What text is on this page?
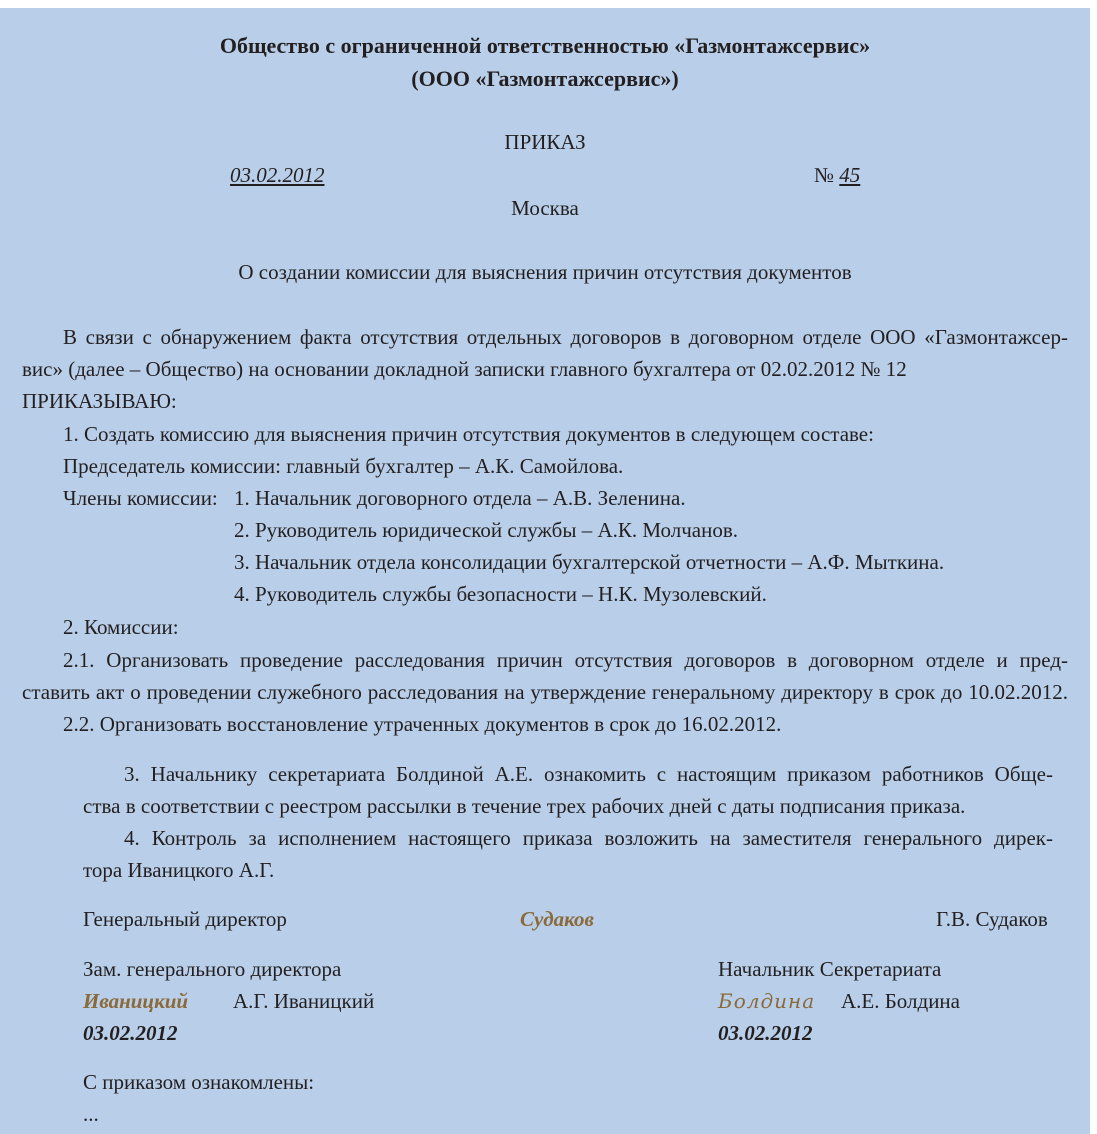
Общество с ограниченной ответственностью «Газмонтажсервис»
(ООО «Газмонтажсервис»)
ПРИКАЗ
03.02.2012	№ 45
Москва
О создании комиссии для выяснения причин отсутствия документов
В связи с обнаружением факта отсутствия отдельных договоров в договорном отделе ООО «Газмонтажсер-
вис» (далее – Общество) на основании докладной записки главного бухгалтера от 02.02.2012 № 12
ПРИКАЗЫВАЮ:
1. Создать комиссию для выяснения причин отсутствия документов в следующем составе:
Председатель комиссии: главный бухгалтер – А.К. Самойлова.
Члены комиссии: 1. Начальник договорного отдела – А.В. Зеленина.
2. Руководитель юридической службы – А.К. Молчанов.
3. Начальник отдела консолидации бухгалтерской отчетности – А.Ф. Мыткина.
4. Руководитель службы безопасности – Н.К. Музолевский.
2. Комиссии:
2.1. Организовать проведение расследования причин отсутствия договоров в договорном отделе и пред-
ставить акт о проведении служебного расследования на утверждение генеральному директору в срок до 10.02.2012.
2.2. Организовать восстановление утраченных документов в срок до 16.02.2012.
3. Начальнику секретариата Болдиной А.Е. ознакомить с настоящим приказом работников Обще-
ства в соответствии с реестром рассылки в течение трех рабочих дней с даты подписания приказа.
4. Контроль за исполнением настоящего приказа возложить на заместителя генерального дирек-
тора Иваницкого А.Г.
Генеральный директор	Судаков	Г.В. Судаков
Зам. генерального директора
Иваницкий А.Г. Иваницкий
03.02.2012
Начальник Секретариата
Болдина А.Е. Болдина
03.02.2012
С приказом ознакомлены:
...
